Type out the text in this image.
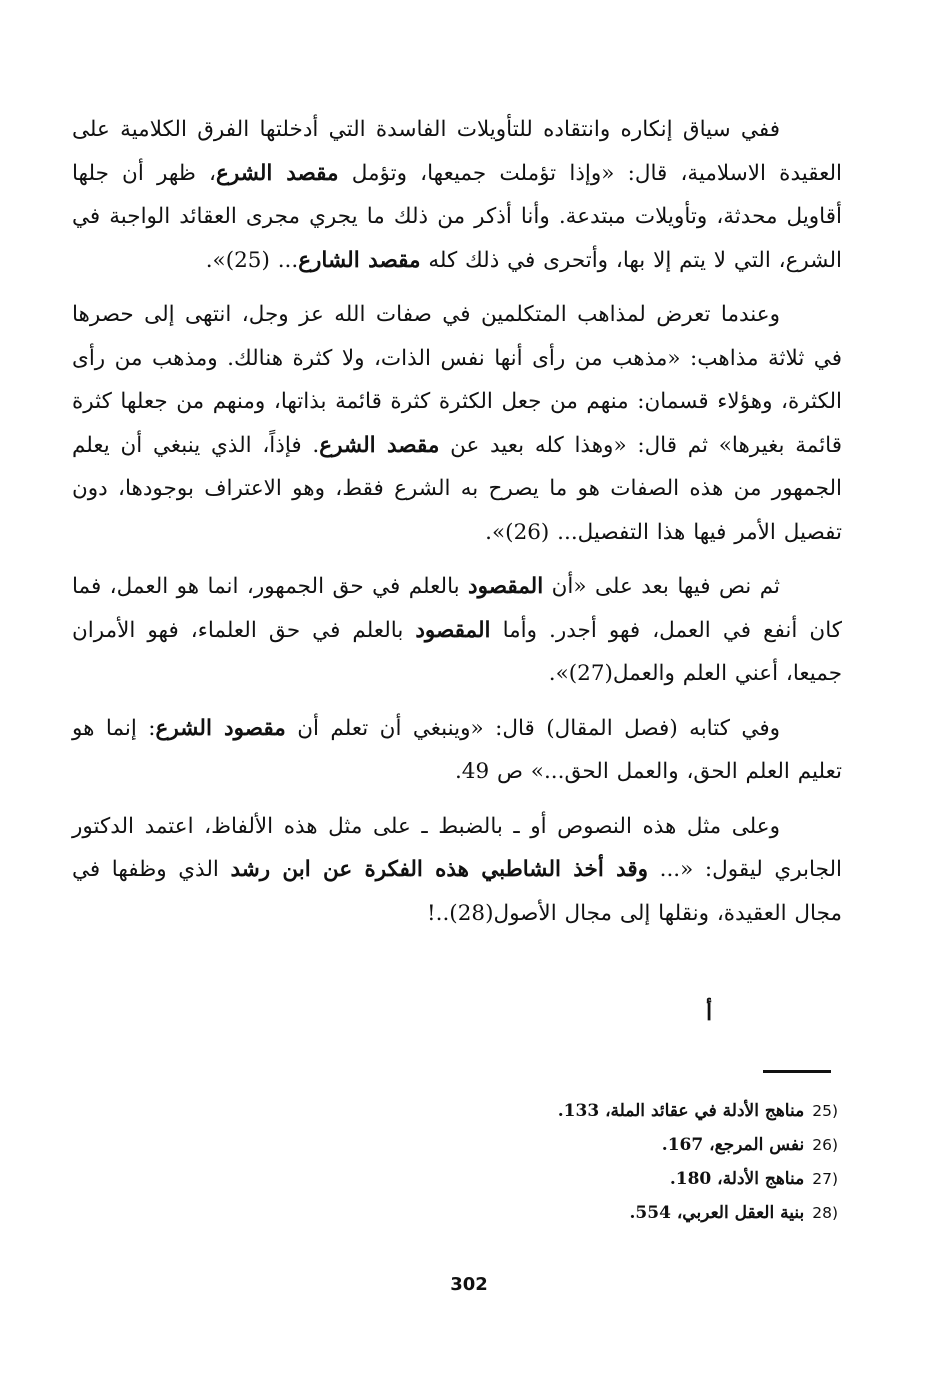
ففي سياق إنكاره وانتقاده للتأويلات الفاسدة التي أدخلتها الفرق الكلامية على العقيدة الاسلامية، قال: «وإذا تؤملت جميعها، وتؤمل مقصد الشرع، ظهر أن جلها أقاويل محدثة، وتأويلات مبتدعة. وأنا أذكر من ذلك ما يجري مجرى العقائد الواجبة في الشرع، التي لا يتم إلا بها، وأتحرى في ذلك كله مقصد الشارع... (25)».

وعندما تعرض لمذاهب المتكلمين في صفات الله عز وجل، انتهى إلى حصرها في ثلاثة مذاهب: «مذهب من رأى أنها نفس الذات، ولا كثرة هنالك. ومذهب من رأى الكثرة، وهؤلاء قسمان: منهم من جعل الكثرة كثرة قائمة بذاتها، ومنهم من جعلها كثرة قائمة بغيرها» ثم قال: «وهذا كله بعيد عن مقصد الشرع. فإذاً، الذي ينبغي أن يعلم الجمهور من هذه الصفات هو ما يصرح به الشرع فقط، وهو الاعتراف بوجودها، دون تفصيل الأمر فيها هذا التفصيل... (26)».

ثم نص فيها بعد على «أن المقصود بالعلم في حق الجمهور، انما هو العمل، فما كان أنفع في العمل، فهو أجدر. وأما المقصود بالعلم في حق العلماء، فهو الأمران جميعا، أعني العلم والعمل(27)».

وفي كتابه (فصل المقال) قال: «وينبغي أن تعلم أن مقصود الشرع: إنما هو تعليم العلم الحق، والعمل الحق...» ص 49.

وعلى مثل هذه النصوص أو ـ بالضبط ـ على مثل هذه الألفاظ، اعتمد الدكتور الجابري ليقول: «... وقد أخذ الشاطبي هذه الفكرة عن ابن رشد الذي وظفها في مجال العقيدة، ونقلها إلى مجال الأصول(28)..!

أ
25)مناهج الأدلة في عقائد الملة، 133.
26)نفس المرجع، 167.
27)مناهج الأدلة، 180.
28)بنية العقل العربي، 554.
302
